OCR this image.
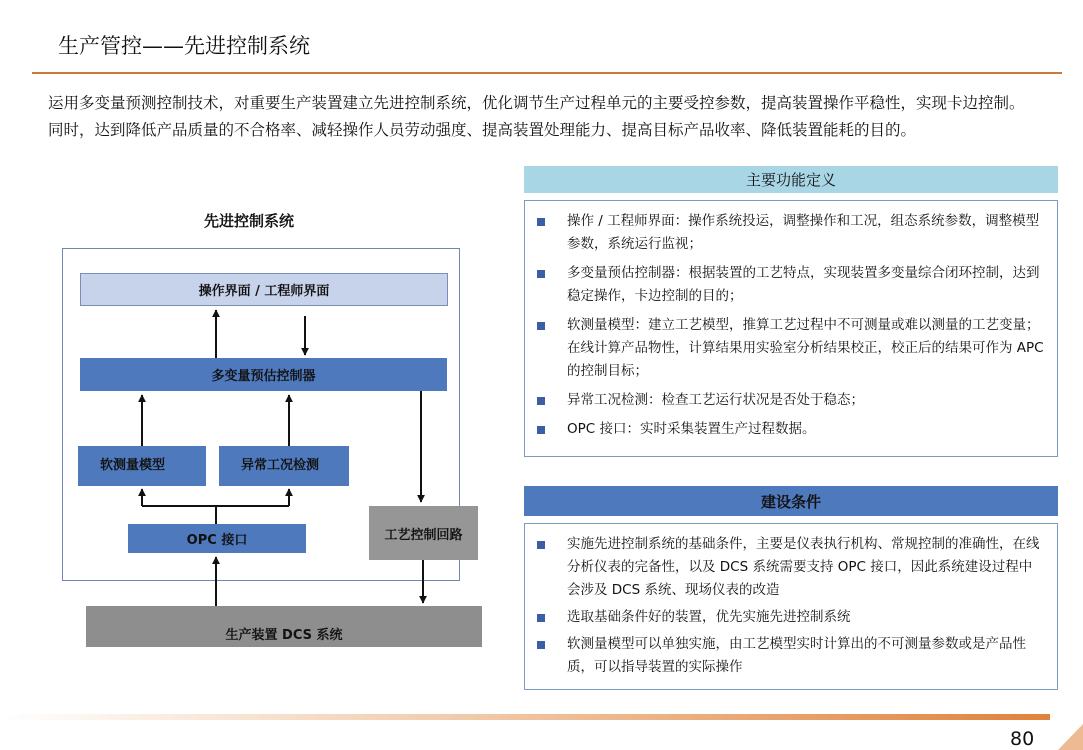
生产管控——先进控制系统
运用多变量预测控制技术，对重要生产装置建立先进控制系统，优化调节生产过程单元的主要受控参数，提高装置操作平稳性，实现卡边控制。同时，达到降低产品质量的不合格率、减轻操作人员劳动强度、提高装置处理能力、提高目标产品收率、降低装置能耗的目的。
先进控制系统
操作界面 / 工程师界面
多变量预估控制器
软测量模型	异常工况检测
OPC 接口	工艺控制回路
生产装置 DCS 系统
主要功能定义
操作 / 工程师界面：操作系统投运，调整操作和工况，组态系统参数，调整模型参数，系统运行监视；
多变量预估控制器：根据装置的工艺特点，实现装置多变量综合闭环控制，达到稳定操作，卡边控制的目的；
软测量模型：建立工艺模型，推算工艺过程中不可测量或难以测量的工艺变量；在线计算产品物性，计算结果用实验室分析结果校正，校正后的结果可作为 APC 的控制目标；
异常工况检测：检查工艺运行状况是否处于稳态；
OPC 接口：实时采集装置生产过程数据。
建设条件
实施先进控制系统的基础条件，主要是仪表执行机构、常规控制的准确性，在线分析仪表的完备性，以及 DCS 系统需要支持 OPC 接口，因此系统建设过程中会涉及 DCS 系统、现场仪表的改造
选取基础条件好的装置，优先实施先进控制系统
软测量模型可以单独实施，由工艺模型实时计算出的不可测量参数或是产品性质，可以指导装置的实际操作
80
